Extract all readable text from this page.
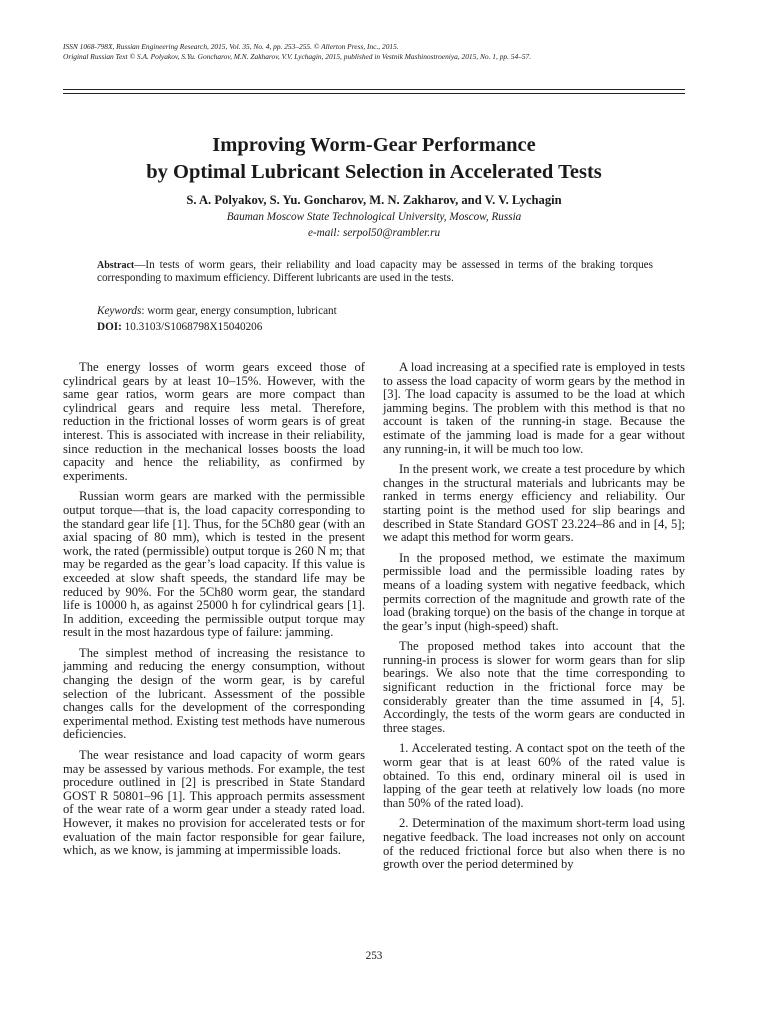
ISSN 1068-798X, Russian Engineering Research, 2015, Vol. 35, No. 4, pp. 253–255. © Allerton Press, Inc., 2015.
Original Russian Text © S.A. Polyakov, S.Yu. Goncharov, M.N. Zakharov, V.V. Lychagin, 2015, published in Vestnik Mashinostroeniya, 2015, No. 1, pp. 54–57.
Improving Worm-Gear Performance
by Optimal Lubricant Selection in Accelerated Tests
S. A. Polyakov, S. Yu. Goncharov, M. N. Zakharov, and V. V. Lychagin
Bauman Moscow State Technological University, Moscow, Russia
e-mail: serpol50@rambler.ru
Abstract—In tests of worm gears, their reliability and load capacity may be assessed in terms of the braking torques corresponding to maximum efficiency. Different lubricants are used in the tests.
Keywords: worm gear, energy consumption, lubricant
DOI: 10.3103/S1068798X15040206

The energy losses of worm gears exceed those of cylindrical gears by at least 10–15%. However, with the same gear ratios, worm gears are more compact than cylindrical gears and require less metal. Therefore, reduction in the frictional losses of worm gears is of great interest. This is associated with increase in their reliability, since reduction in the mechanical losses boosts the load capacity and hence the reliability, as confirmed by experiments.

Russian worm gears are marked with the permissible output torque—that is, the load capacity corresponding to the standard gear life [1]. Thus, for the 5Ch80 gear (with an axial spacing of 80 mm), which is tested in the present work, the rated (permissible) output torque is 260 N m; that may be regarded as the gear’s load capacity. If this value is exceeded at slow shaft speeds, the standard life may be reduced by 90%. For the 5Ch80 worm gear, the standard life is 10000 h, as against 25000 h for cylindrical gears [1]. In addition, exceeding the permissible output torque may result in the most hazardous type of failure: jamming.

The simplest method of increasing the resistance to jamming and reducing the energy consumption, without changing the design of the worm gear, is by careful selection of the lubricant. Assessment of the possible changes calls for the development of the corresponding experimental method. Existing test methods have numerous deficiencies.

The wear resistance and load capacity of worm gears may be assessed by various methods. For example, the test procedure outlined in [2] is prescribed in State Standard GOST R 50801–96 [1]. This approach permits assessment of the wear rate of a worm gear under a steady rated load. However, it makes no provision for accelerated tests or for evaluation of the main factor responsible for gear failure, which, as we know, is jamming at impermissible loads.

A load increasing at a specified rate is employed in tests to assess the load capacity of worm gears by the method in [3]. The load capacity is assumed to be the load at which jamming begins. The problem with this method is that no account is taken of the running-in stage. Because the estimate of the jamming load is made for a gear without any running-in, it will be much too low.

In the present work, we create a test procedure by which changes in the structural materials and lubricants may be ranked in terms energy efficiency and reliability. Our starting point is the method used for slip bearings and described in State Standard GOST 23.224–86 and in [4, 5]; we adapt this method for worm gears.

In the proposed method, we estimate the maximum permissible load and the permissible loading rates by means of a loading system with negative feedback, which permits correction of the magnitude and growth rate of the load (braking torque) on the basis of the change in torque at the gear’s input (high-speed) shaft.

The proposed method takes into account that the running-in process is slower for worm gears than for slip bearings. We also note that the time corresponding to significant reduction in the frictional force may be considerably greater than the time assumed in [4, 5]. Accordingly, the tests of the worm gears are conducted in three stages.

1. Accelerated testing. A contact spot on the teeth of the worm gear that is at least 60% of the rated value is obtained. To this end, ordinary mineral oil is used in lapping of the gear teeth at relatively low loads (no more than 50% of the rated load).

2. Determination of the maximum short-term load using negative feedback. The load increases not only on account of the reduced frictional force but also when there is no growth over the period determined by

253
